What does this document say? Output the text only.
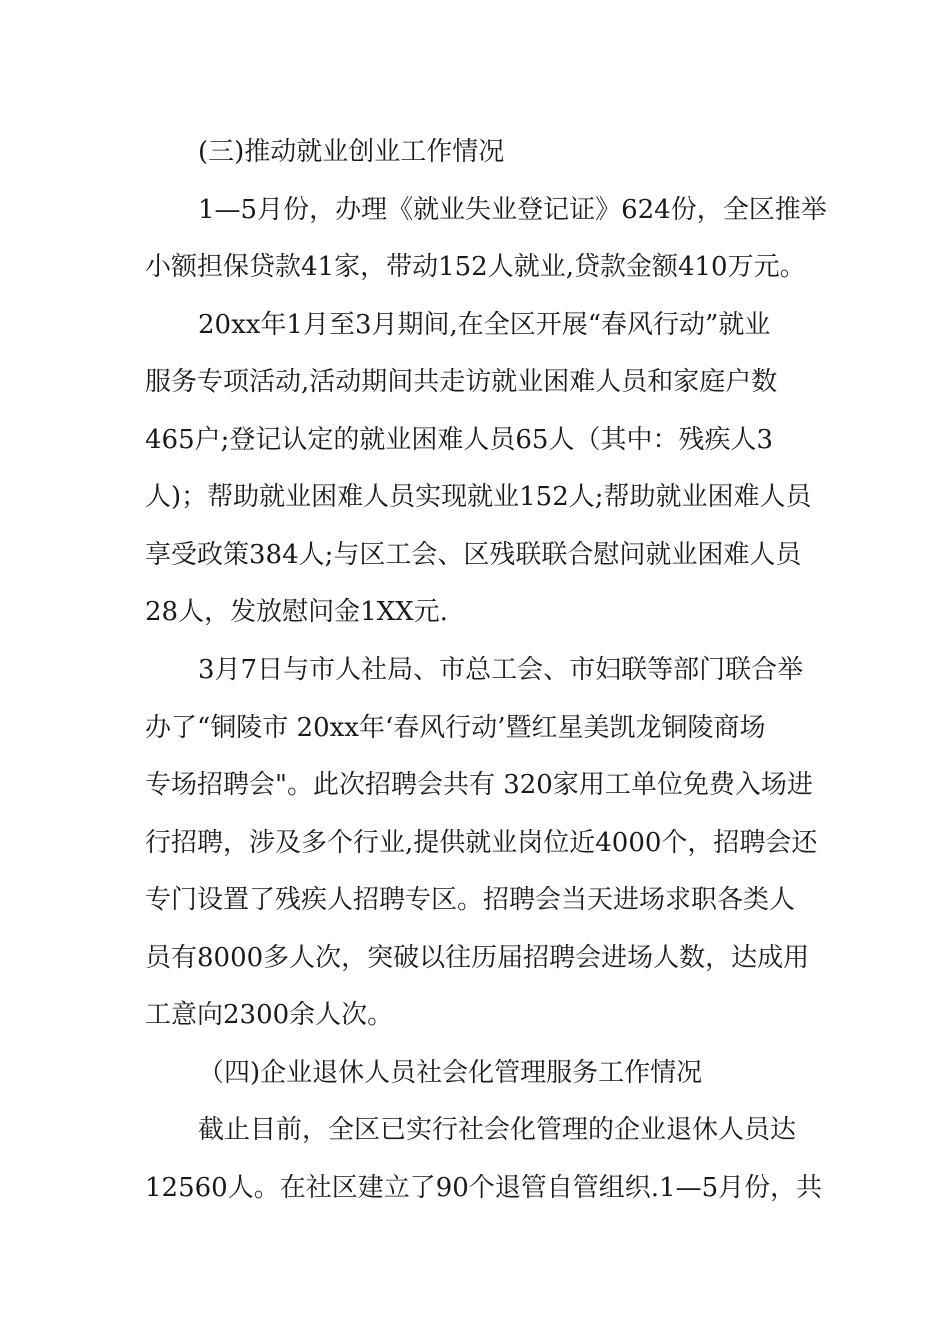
(三)推动就业创业工作情况
1—5月份，办理《就业失业登记证》624份，全区推举
小额担保贷款41家，带动152人就业,贷款金额410万元。
20xx年1月至3月期间,在全区开展“春风行动”就业
服务专项活动,活动期间共走访就业困难人员和家庭户数
465户;登记认定的就业困难人员65人（其中：残疾人3
人)；帮助就业困难人员实现就业152人;帮助就业困难人员
享受政策384人;与区工会、区残联联合慰问就业困难人员
28人，发放慰问金1XX元.
3月7日与市人社局、市总工会、市妇联等部门联合举
办了“铜陵市 20xx年‘春风行动’暨红星美凯龙铜陵商场
专场招聘会"。此次招聘会共有 320家用工单位免费入场进
行招聘，涉及多个行业,提供就业岗位近4000个，招聘会还
专门设置了残疾人招聘专区。招聘会当天进场求职各类人
员有8000多人次，突破以往历届招聘会进场人数，达成用
工意向2300余人次。
（四)企业退休人员社会化管理服务工作情况
截止目前，全区已实行社会化管理的企业退休人员达
12560人。在社区建立了90个退管自管组织.1—5月份，共
